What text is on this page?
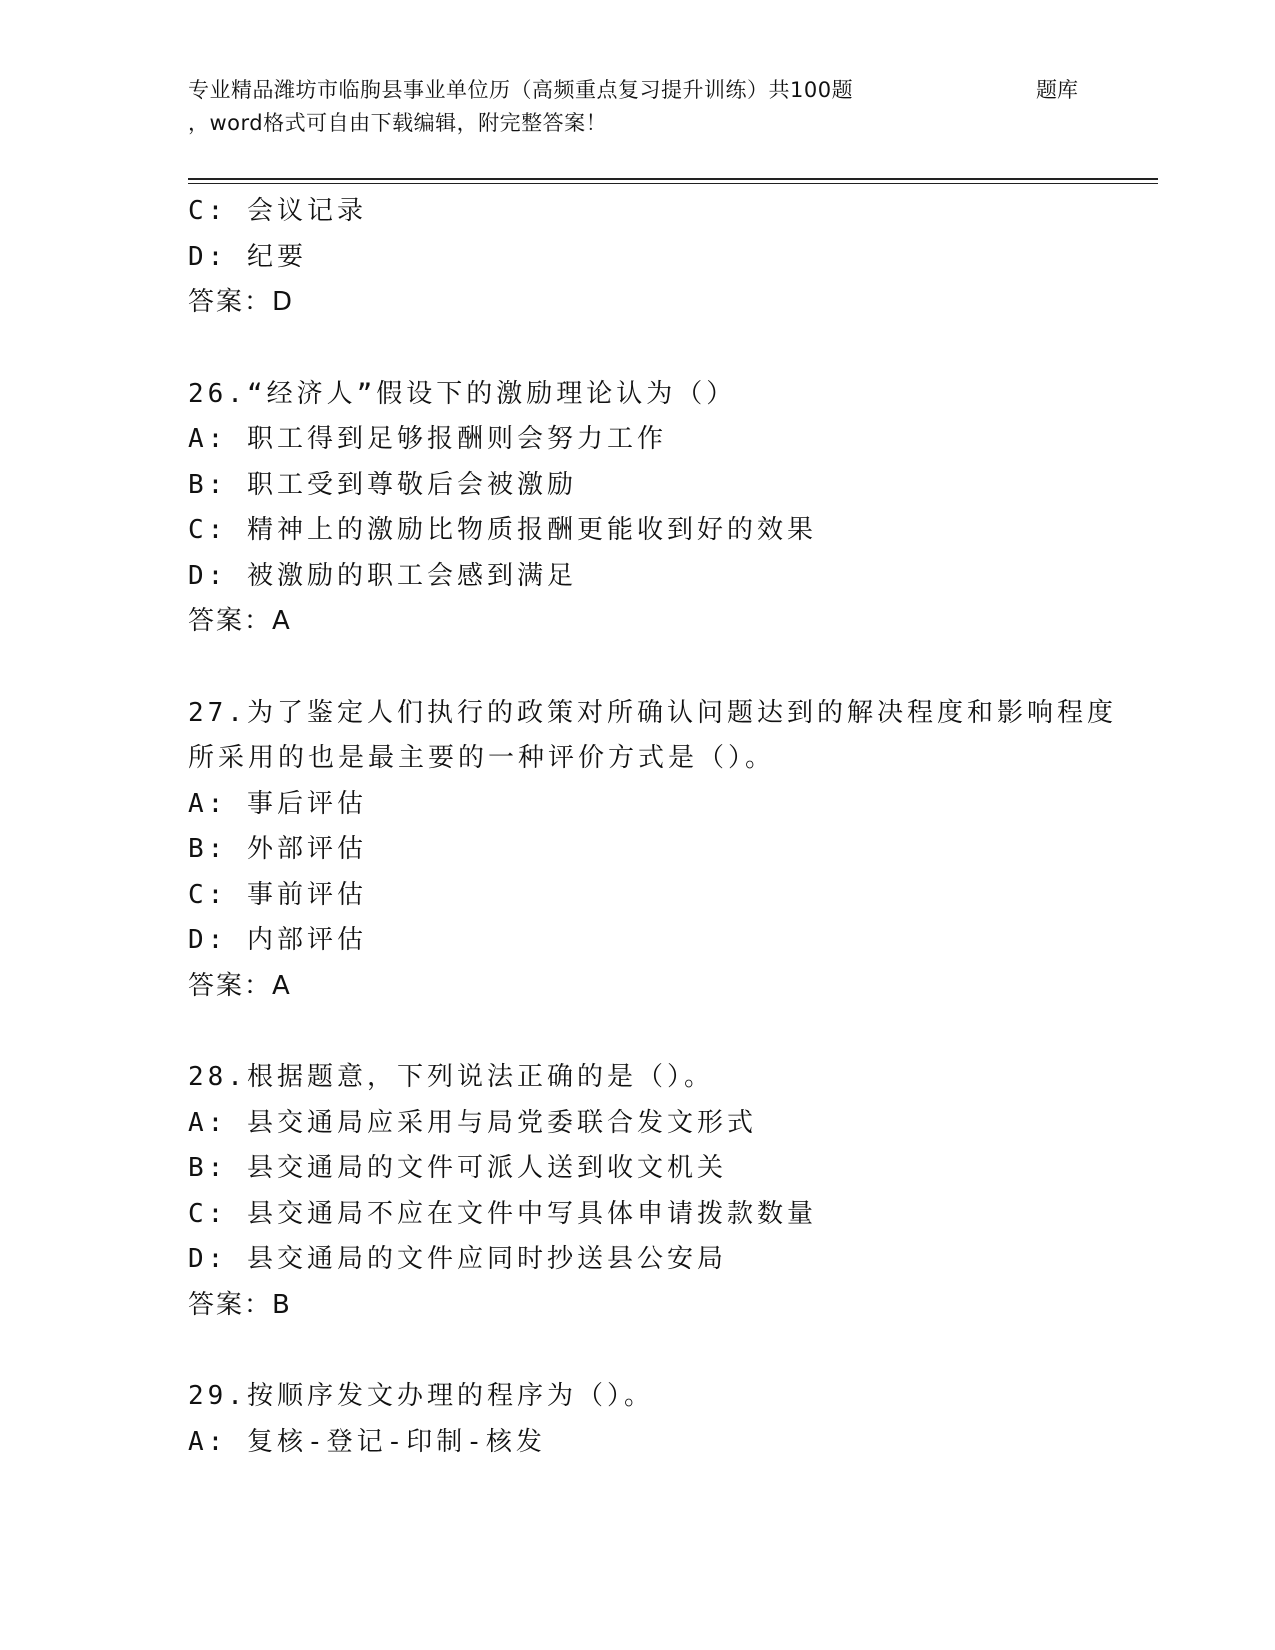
专业精品潍坊市临朐县事业单位历（高频重点复习提升训练）共100题	题库
，word格式可自由下载编辑，附完整答案！
C: 会议记录
D: 纪要
答案：D
26.“经济人”假设下的激励理论认为（）
A: 职工得到足够报酬则会努力工作
B: 职工受到尊敬后会被激励
C: 精神上的激励比物质报酬更能收到好的效果
D: 被激励的职工会感到满足
答案：A
27.为了鉴定人们执行的政策对所确认问题达到的解决程度和影响程度
所采用的也是最主要的一种评价方式是（）。
A: 事后评估
B: 外部评估
C: 事前评估
D: 内部评估
答案：A
28.根据题意，下列说法正确的是（）。
A: 县交通局应采用与局党委联合发文形式
B: 县交通局的文件可派人送到收文机关
C: 县交通局不应在文件中写具体申请拨款数量
D: 县交通局的文件应同时抄送县公安局
答案：B
29.按顺序发文办理的程序为（）。
A: 复核-登记-印制-核发
